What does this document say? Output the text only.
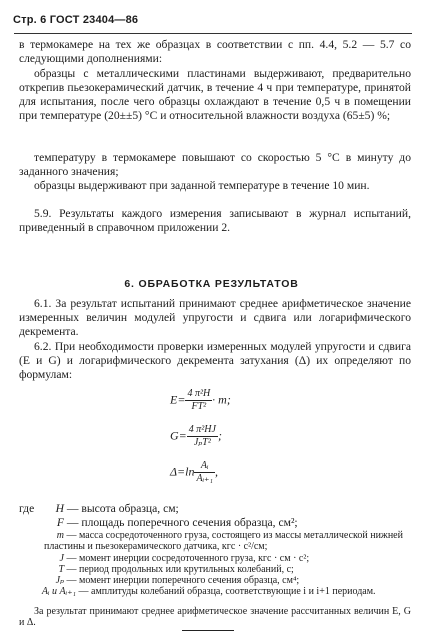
Стр. 6 ГОСТ 23404—86

в термокамере на тех же образцах в соответствии с пп. 4.4, 5.2 — 5.7 со следующими дополнениями:

образцы с металлическими пластинами выдерживают, предварительно открепив пьезокерамический датчик, в течение 4 ч при температуре, принятой для испытания, после чего образцы охлаждают в течение 0,5 ч в помещении при температуре (20±±5) °С и относительной влажности воздуха (65±5) %;

температуру в термокамере повышают со скоростью 5 °С в минуту до заданного значения;

образцы выдерживают при заданной температуре в течение 10 мин.

5.9. Результаты каждого измерения записывают в журнал испытаний, приведенный в справочном приложении 2.

6. ОБРАБОТКА РЕЗУЛЬТАТОВ

6.1. За результат испытаний принимают среднее арифметическое значение измеренных величин модулей упругости и сдвига или логарифмического декремента.

6.2. При необходимости проверки измеренных модулей упругости и сдвига (E и G) и логарифмического декремента затухания (Δ) их определяют по формулам:

$E= \frac{\text{4 π²H}}{\text{FT²}} \cdot m$;
$G= \frac{\text{4 π²HJ}}{\text{JₚT²}}$ ;
$\Delta=\ln \frac{\text{Aᵢ}}{\text{Aᵢ₊₁}}$ ,
где	H — высота образца, см;
F — площадь поперечного сечения образца, см²;
m — масса сосредоточенного груза, состоящего из массы металлической нижней пластины и пьезокерамического датчика, кгс · с²/см;
J — момент инерции сосредоточенного груза, кгс · см · с²;
T — период продольных или крутильных колебаний, с;
Jₚ — момент инерции поперечного сечения образца, см⁴;
Aᵢ и Aᵢ₊₁ — амплитуды колебаний образца, соответствующие i и i+1 периодам.

За результат принимают среднее арифметическое значение рассчитанных величин E, G и Δ.
